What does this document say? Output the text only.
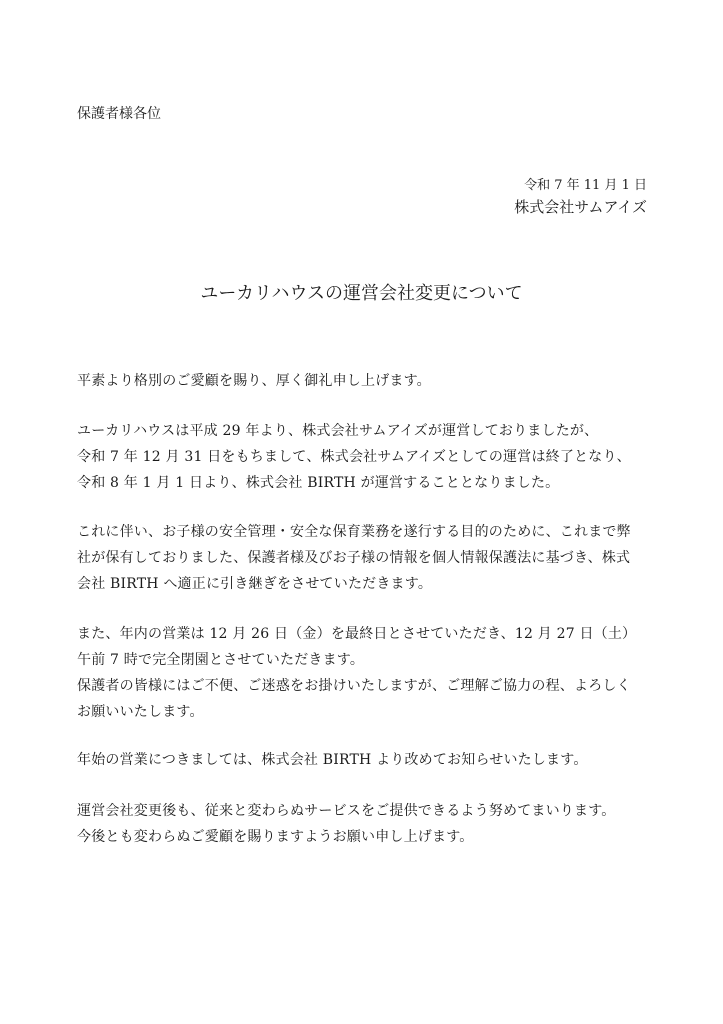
保護者様各位
令和 7 年 11 月 1 日
株式会社サムアイズ
ユーカリハウスの運営会社変更について
平素より格別のご愛顧を賜り、厚く御礼申し上げます。
ユーカリハウスは平成 29 年より、株式会社サムアイズが運営しておりましたが、
令和 7 年 12 月 31 日をもちまして、株式会社サムアイズとしての運営は終了となり、
令和 8 年 1 月 1 日より、株式会社 BIRTH が運営することとなりました。
これに伴い、お子様の安全管理・安全な保育業務を遂行する目的のために、これまで弊
社が保有しておりました、保護者様及びお子様の情報を個人情報保護法に基づき、株式
会社 BIRTH へ適正に引き継ぎをさせていただきます。
また、年内の営業は 12 月 26 日（金）を最終日とさせていただき、12 月 27 日（土）
午前 7 時で完全閉園とさせていただきます。
保護者の皆様にはご不便、ご迷惑をお掛けいたしますが、ご理解ご協力の程、よろしく
お願いいたします。
年始の営業につきましては、株式会社 BIRTH より改めてお知らせいたします。
運営会社変更後も、従来と変わらぬサービスをご提供できるよう努めてまいります。
今後とも変わらぬご愛顧を賜りますようお願い申し上げます。
